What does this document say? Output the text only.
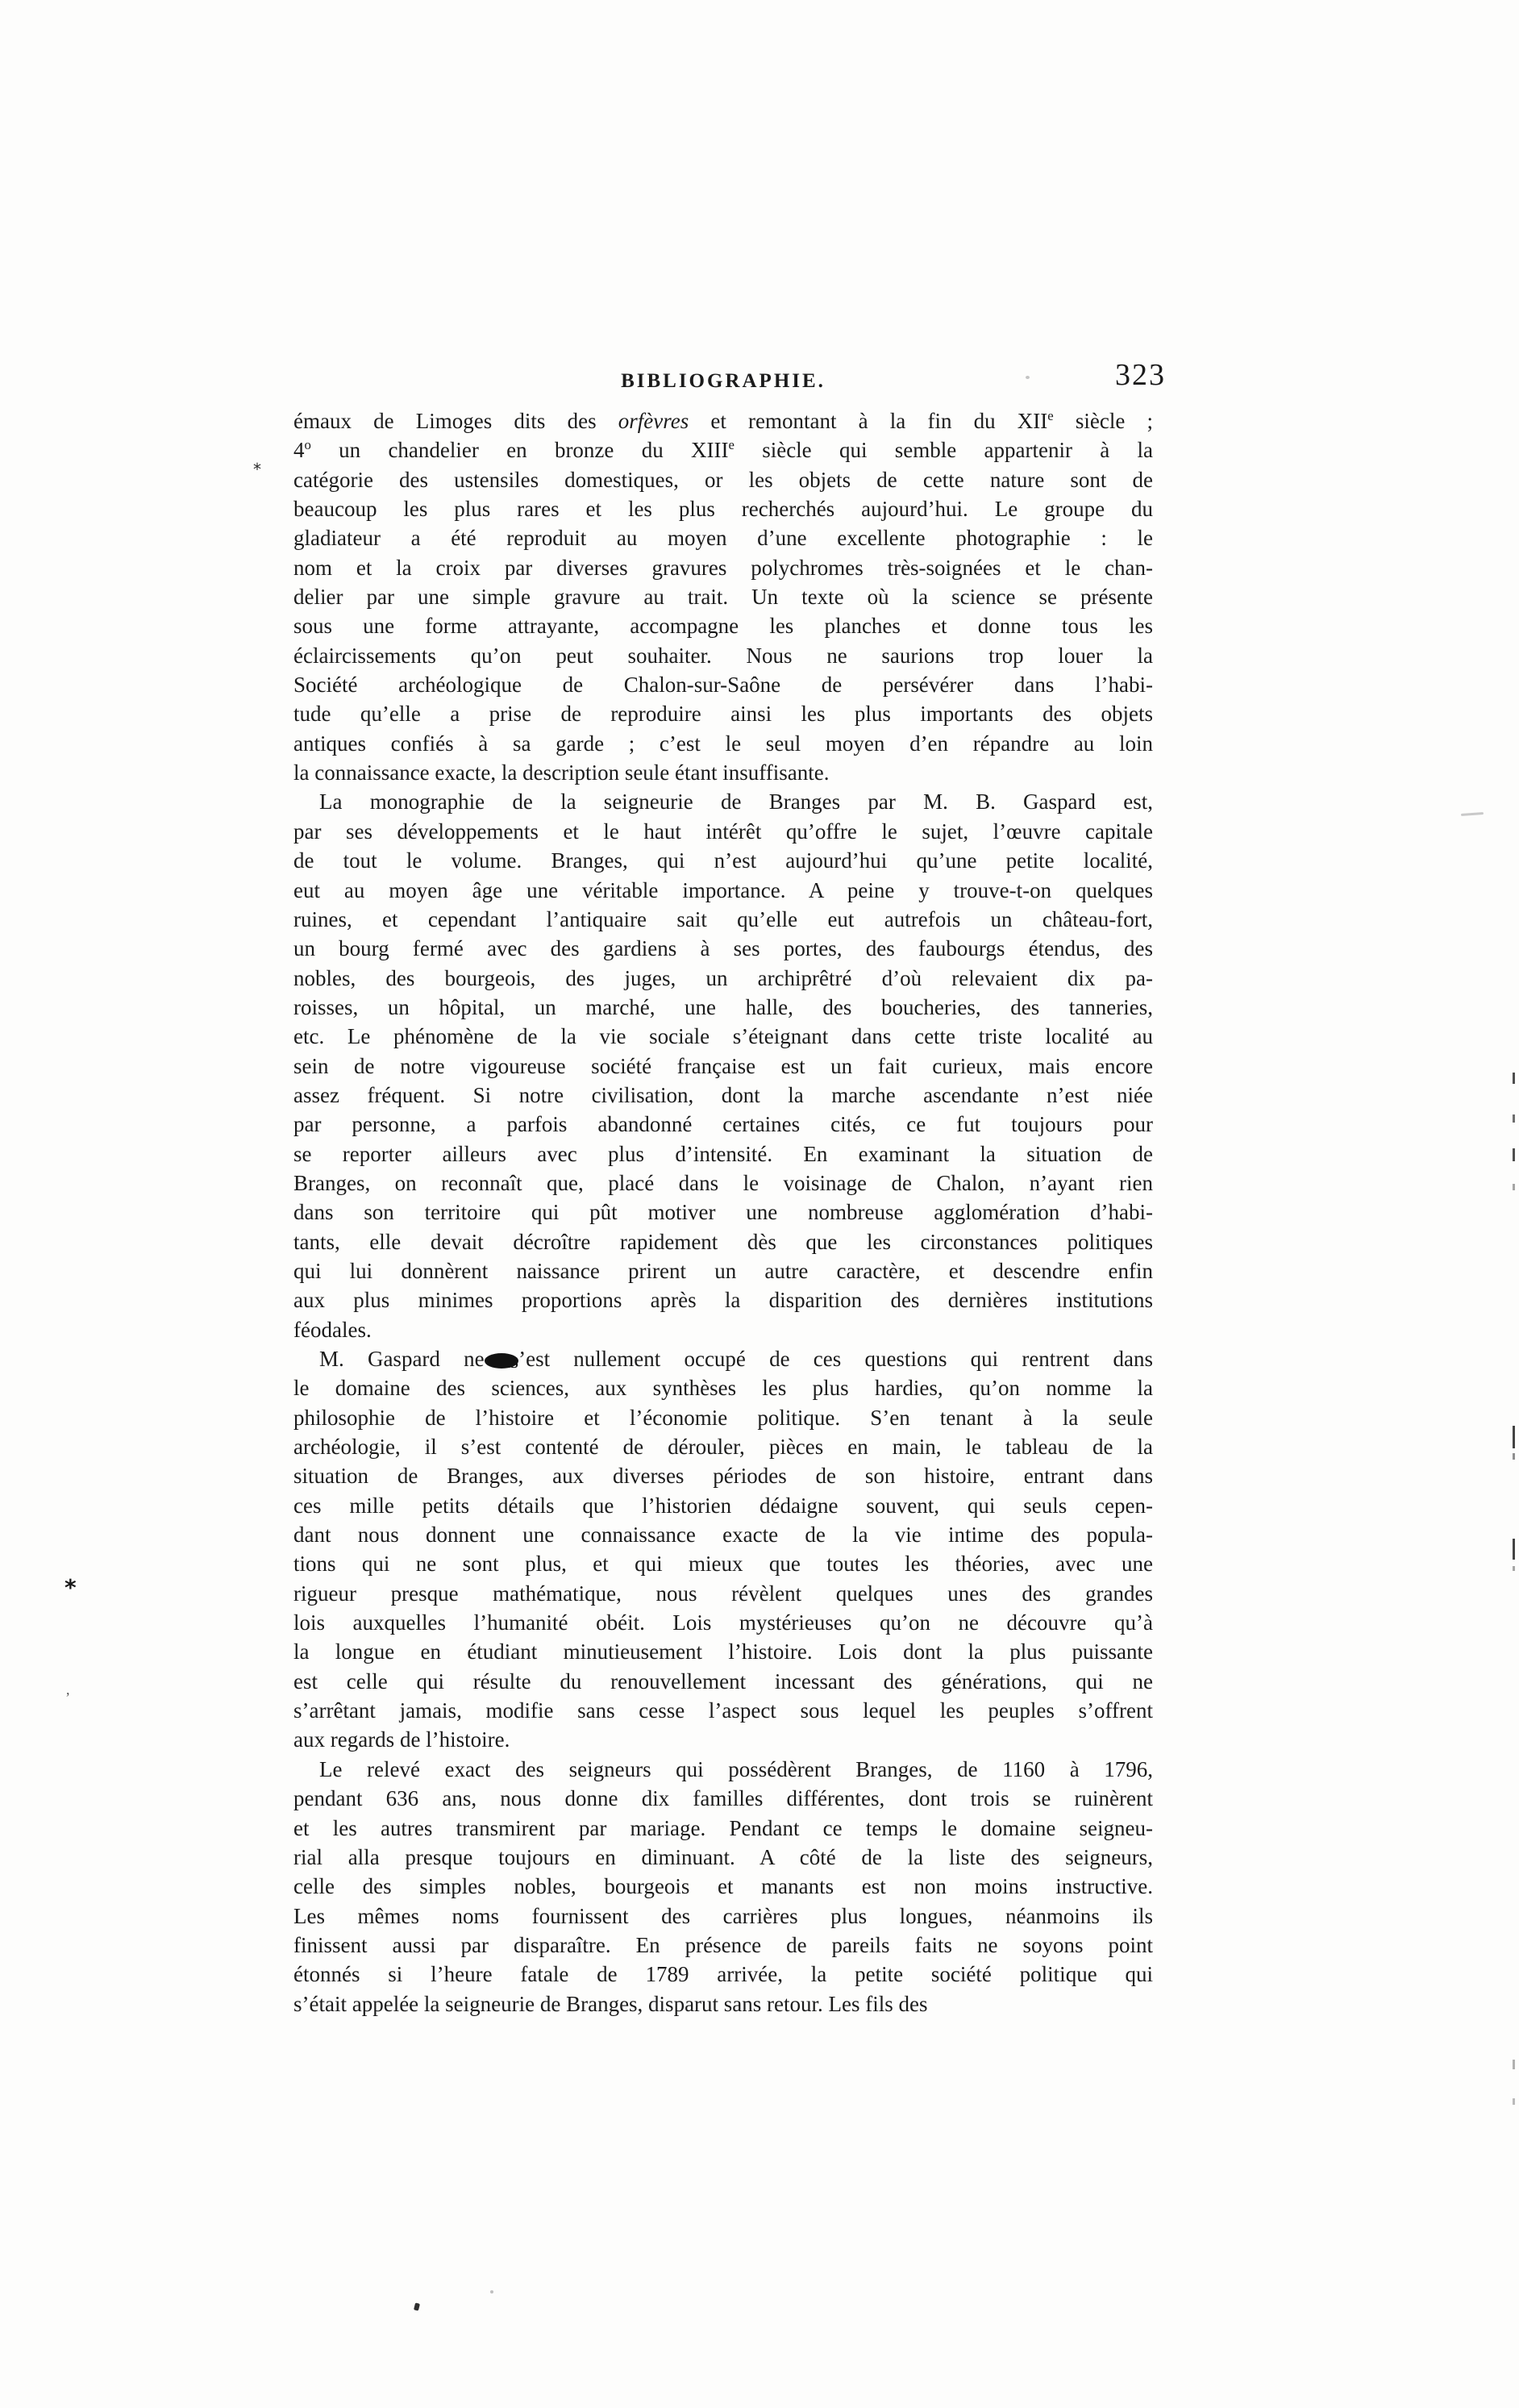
BIBLIOGRAPHIE.	323
émaux de Limoges dits des orfèvres et remontant à la fin du XIIe siècle ;
4$^o$ un chandelier en bronze du XIIIe siècle qui semble appartenir à la
catégorie des ustensiles domestiques, or les objets de cette nature sont de
beaucoup les plus rares et les plus recherchés aujourd’hui. Le groupe du
gladiateur a été reproduit au moyen d’une excellente photographie : le
nom et la croix par diverses gravures polychromes très-soignées et le chan-
delier par une simple gravure au trait. Un texte où la science se présente
sous une forme attrayante, accompagne les planches et donne tous les
éclaircissements qu’on peut souhaiter. Nous ne saurions trop louer la
Société archéologique de Chalon-sur-Saône de persévérer dans l’habi-
tude qu’elle a prise de reproduire ainsi les plus importants des objets
antiques confiés à sa garde ; c’est le seul moyen d’en répandre au loin
la connaissance exacte, la description seule étant insuffisante.
La monographie de la seigneurie de Branges par M. B. Gaspard est,
par ses développements et le haut intérêt qu’offre le sujet, l’œuvre capitale
de tout le volume. Branges, qui n’est aujourd’hui qu’une petite localité,
eut au moyen âge une véritable importance. A peine y trouve-t-on quelques
ruines, et cependant l’antiquaire sait qu’elle eut autrefois un château-fort,
un bourg fermé avec des gardiens à ses portes, des faubourgs étendus, des
nobles, des bourgeois, des juges, un archiprêtré d’où relevaient dix pa-
roisses, un hôpital, un marché, une halle, des boucheries, des tanneries,
etc. Le phénomène de la vie sociale s’éteignant dans cette triste localité au
sein de notre vigoureuse société française est un fait curieux, mais encore
assez fréquent. Si notre civilisation, dont la marche ascendante n’est niée
par personne, a parfois abandonné certaines cités, ce fut toujours pour
se reporter ailleurs avec plus d’intensité. En examinant la situation de
Branges, on reconnaît que, placé dans le voisinage de Chalon, n’ayant rien
dans son territoire qui pût motiver une nombreuse agglomération d’habi-
tants, elle devait décroître rapidement dès que les circonstances politiques
qui lui donnèrent naissance prirent un autre caractère, et descendre enfin
aux plus minimes proportions après la disparition des dernières institutions
féodales.
M. Gaspard ne s’est nullement occupé de ces questions qui rentrent dans
le domaine des sciences, aux synthèses les plus hardies, qu’on nomme la
philosophie de l’histoire et l’économie politique. S’en tenant à la seule
archéologie, il s’est contenté de dérouler, pièces en main, le tableau de la
situation de Branges, aux diverses périodes de son histoire, entrant dans
ces mille petits détails que l’historien dédaigne souvent, qui seuls cepen-
dant nous donnent une connaissance exacte de la vie intime des popula-
tions qui ne sont plus, et qui mieux que toutes les théories, avec une
rigueur presque mathématique, nous révèlent quelques unes des grandes
lois auxquelles l’humanité obéit. Lois mystérieuses qu’on ne découvre qu’à
la longue en étudiant minutieusement l’histoire. Lois dont la plus puissante
est celle qui résulte du renouvellement incessant des générations, qui ne
s’arrêtant jamais, modifie sans cesse l’aspect sous lequel les peuples s’offrent
aux regards de l’histoire.
Le relevé exact des seigneurs qui possédèrent Branges, de 1160 à 1796,
pendant 636 ans, nous donne dix familles différentes, dont trois se ruinèrent
et les autres transmirent par mariage. Pendant ce temps le domaine seigneu-
rial alla presque toujours en diminuant. A côté de la liste des seigneurs,
celle des simples nobles, bourgeois et manants est non moins instructive.
Les mêmes noms fournissent des carrières plus longues, néanmoins ils
finissent aussi par disparaître. En présence de pareils faits ne soyons point
étonnés si l’heure fatale de 1789 arrivée, la petite société politique qui
s’était appelée la seigneurie de Branges, disparut sans retour. Les fils des
*
*
,
